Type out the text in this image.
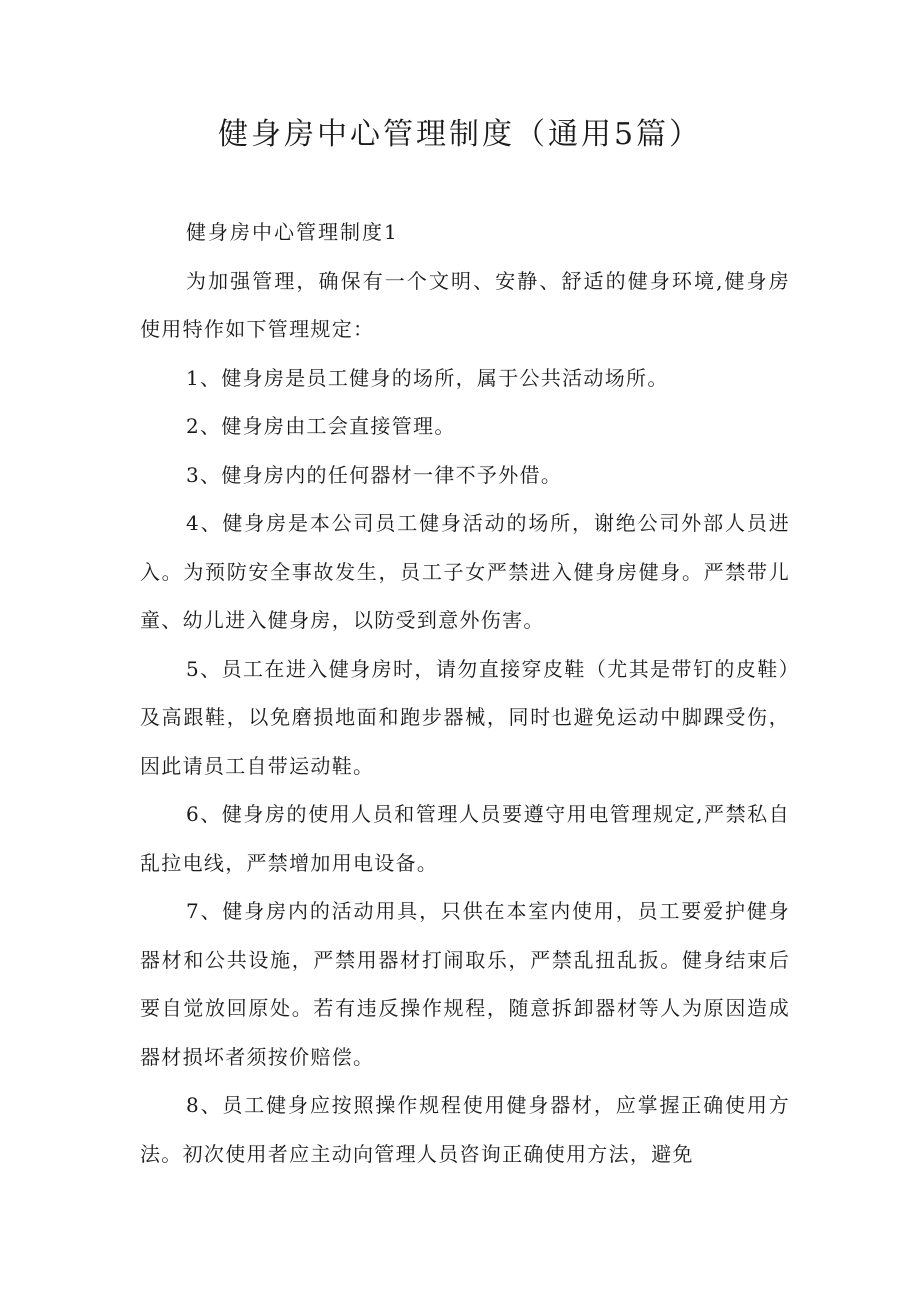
健身房中心管理制度（通用5篇）

健身房中心管理制度1

为加强管理，确保有一个文明、安静、舒适的健身环境,健身房使用特作如下管理规定：

1、健身房是员工健身的场所，属于公共活动场所。

2、健身房由工会直接管理。

3、健身房内的任何器材一律不予外借。

4、健身房是本公司员工健身活动的场所，谢绝公司外部人员进入。为预防安全事故发生，员工子女严禁进入健身房健身。严禁带儿童、幼儿进入健身房，以防受到意外伤害。

5、员工在进入健身房时，请勿直接穿皮鞋（尤其是带钉的皮鞋）及高跟鞋，以免磨损地面和跑步器械，同时也避免运动中脚踝受伤，因此请员工自带运动鞋。

6、健身房的使用人员和管理人员要遵守用电管理规定,严禁私自乱拉电线，严禁增加用电设备。

7、健身房内的活动用具，只供在本室内使用，员工要爱护健身器材和公共设施，严禁用器材打闹取乐，严禁乱扭乱扳。健身结束后要自觉放回原处。若有违反操作规程，随意拆卸器材等人为原因造成器材损坏者须按价赔偿。

8、员工健身应按照操作规程使用健身器材，应掌握正确使用方法。初次使用者应主动向管理人员咨询正确使用方法，避免
